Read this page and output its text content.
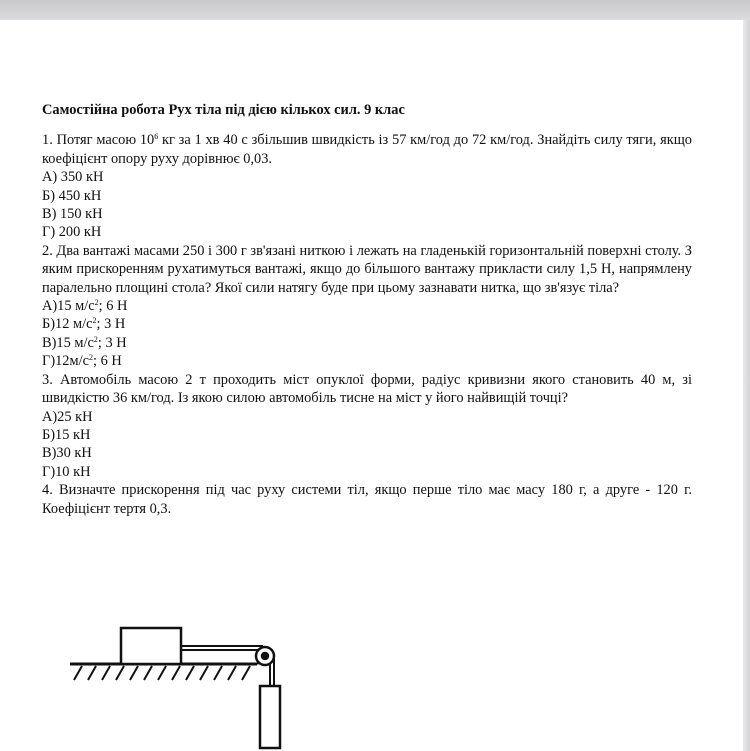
Самостійна робота Рух тіла під дією кількох сил. 9 клас
1. Потяг масою $10^6$ кг за 1 хв 40 с збільшив швидкість із 57 км/год до 72 км/год. Знайдіть силу тяги, якщо коефіцієнт опору руху дорівнює 0,03.
А) 350 кН
Б) 450 кН
В) 150 кН
Г) 200 кН
2. Два вантажі масами 250 і 300 г зв'язані ниткою і лежать на гладенькій горизонтальній поверхні столу. З яким прискоренням рухатимуться вантажі, якщо до більшого вантажу прикласти силу 1,5 Н, напрямлену паралельно площині стола? Якої сили натягу буде при цьому зазнавати нитка, що зв'язує тіла?
А)15 $м/с^2$; 6 Н
Б)12 $м/с^2$; 3 Н
В)15 $м/с^2$; 3 Н
$Г)12м/с^2$; 6 Н
3. Автомобіль масою 2 т проходить міст опуклої форми, радіус кривизни якого становить 40 м, зі швидкістю 36 км/год. Із якою силою автомобіль тисне на міст у його найвищій точці?
А)25 кН
Б)15 кН
В)30 кН
Г)10 кН
4. Визначте прискорення під час руху системи тіл, якщо перше тіло має масу 180 г, а друге - 120 г. Коефіцієнт тертя 0,3.
